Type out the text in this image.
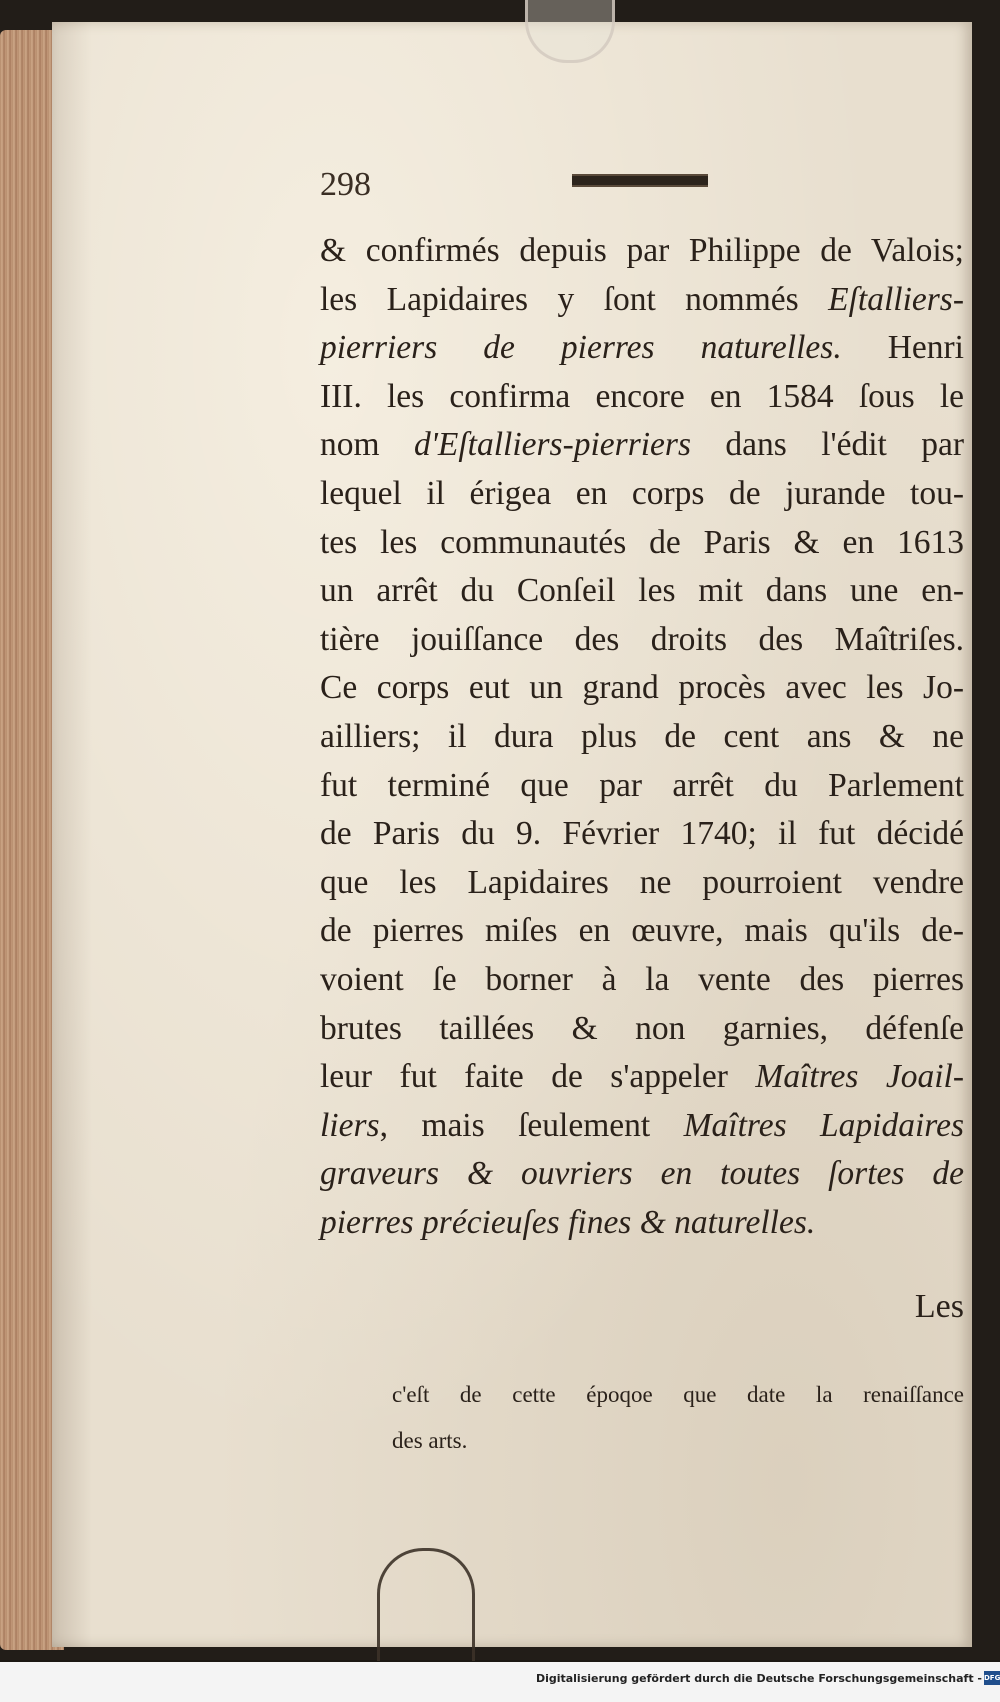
298
& confirmés depuis par Philippe de Valois;
les Lapidaires y ſont nommés Eſtalliers-
pierriers de pierres naturelles. Henri
III. les confirma encore en 1584 ſous le
nom d'Eſtalliers-pierriers dans l'édit par
lequel il érigea en corps de jurande tou-
tes les communautés de Paris & en 1613
un arrêt du Conſeil les mit dans une en-
tière jouiſſance des droits des Maîtriſes.
Ce corps eut un grand procès avec les Jo-
ailliers; il dura plus de cent ans & ne
fut terminé que par arrêt du Parlement
de Paris du 9. Février 1740; il fut décidé
que les Lapidaires ne pourroient vendre
de pierres miſes en œuvre, mais qu'ils de-
voient ſe borner à la vente des pierres
brutes taillées & non garnies, défenſe
leur fut faite de s'appeler Maîtres Joail-
liers, mais ſeulement Maîtres Lapidaires
graveurs & ouvriers en toutes ſortes de
pierres précieuſes fines & naturelles.
Les
c'eſt de cette époqoe que date la renaiſſance
des arts.
Digitalisierung gefördert durch die Deutsche Forschungsgemeinschaft - DFG
